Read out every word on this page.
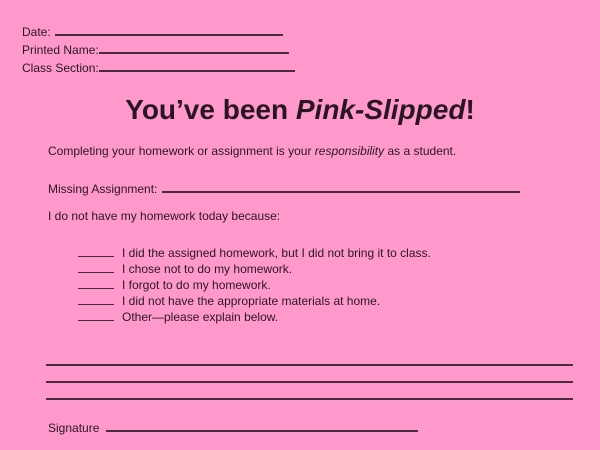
Date:
Printed Name:
Class Section:
You’ve been Pink-Slipped!

Completing your homework or assignment is your responsibility as a student.

Missing Assignment:

I do not have my homework today because:

I did the assigned homework, but I did not bring it to class.
I chose not to do my homework.
I forgot to do my homework.
I did not have the appropriate materials at home.
Other—please explain below.
Signature
